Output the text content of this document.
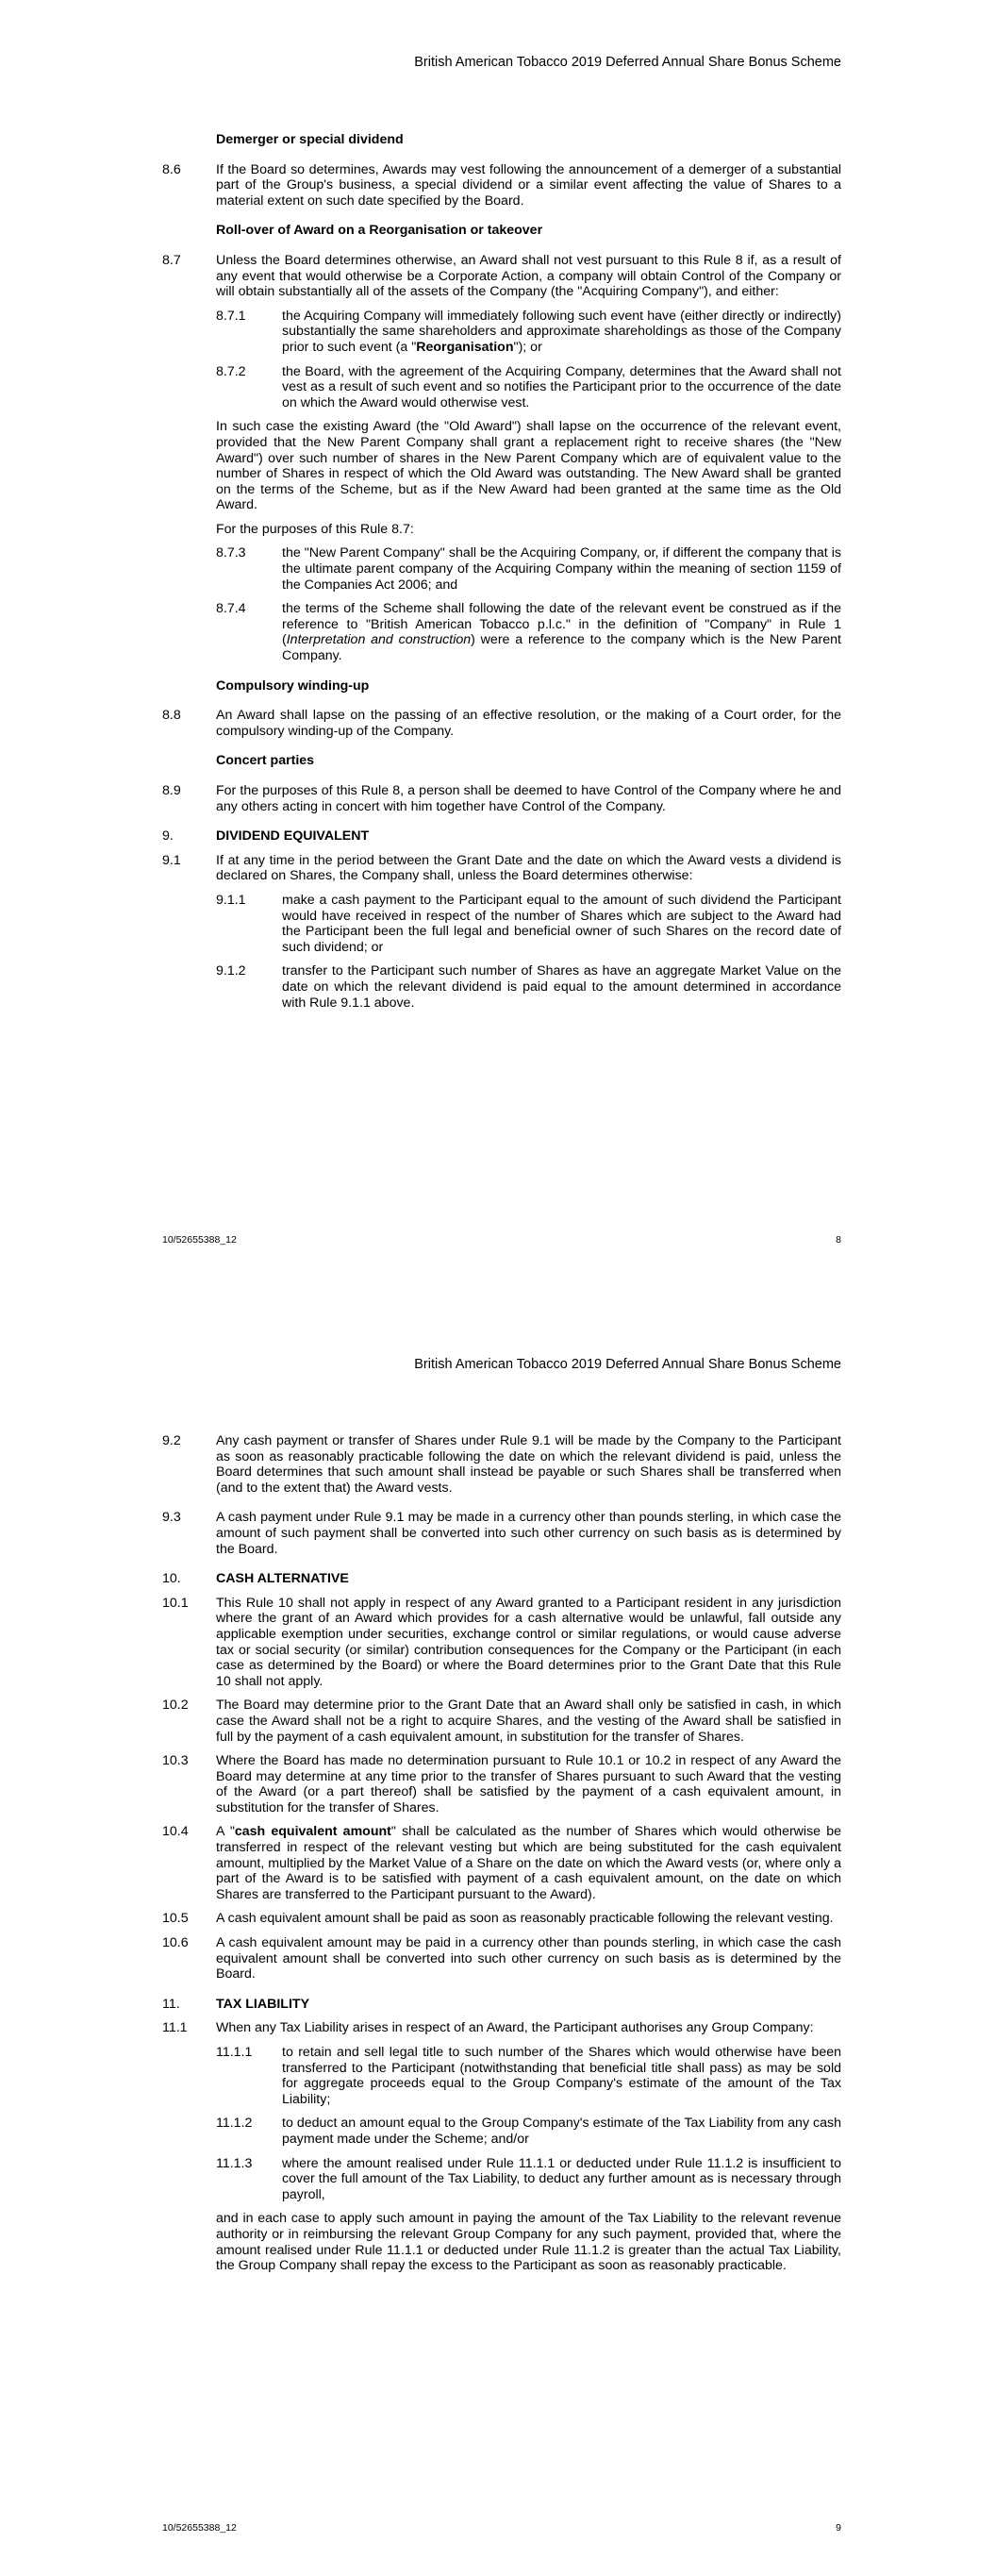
British American Tobacco 2019 Deferred Annual Share Bonus Scheme
Demerger or special dividend
8.6	If the Board so determines, Awards may vest following the announcement of a demerger of a substantial part of the Group's business, a special dividend or a similar event affecting the value of Shares to a material extent on such date specified by the Board.
Roll-over of Award on a Reorganisation or takeover
8.7	Unless the Board determines otherwise, an Award shall not vest pursuant to this Rule 8 if, as a result of any event that would otherwise be a Corporate Action, a company will obtain Control of the Company or will obtain substantially all of the assets of the Company (the "Acquiring Company"), and either:
8.7.1	the Acquiring Company will immediately following such event have (either directly or indirectly) substantially the same shareholders and approximate shareholdings as those of the Company prior to such event (a "Reorganisation"); or
8.7.2	the Board, with the agreement of the Acquiring Company, determines that the Award shall not vest as a result of such event and so notifies the Participant prior to the occurrence of the date on which the Award would otherwise vest.
In such case the existing Award (the "Old Award") shall lapse on the occurrence of the relevant event, provided that the New Parent Company shall grant a replacement right to receive shares (the "New Award") over such number of shares in the New Parent Company which are of equivalent value to the number of Shares in respect of which the Old Award was outstanding. The New Award shall be granted on the terms of the Scheme, but as if the New Award had been granted at the same time as the Old Award.
For the purposes of this Rule 8.7:
8.7.3	the "New Parent Company" shall be the Acquiring Company, or, if different the company that is the ultimate parent company of the Acquiring Company within the meaning of section 1159 of the Companies Act 2006; and
8.7.4	the terms of the Scheme shall following the date of the relevant event be construed as if the reference to "British American Tobacco p.l.c." in the definition of "Company" in Rule 1 (Interpretation and construction) were a reference to the company which is the New Parent Company.
Compulsory winding-up
8.8	An Award shall lapse on the passing of an effective resolution, or the making of a Court order, for the compulsory winding-up of the Company.
Concert parties
8.9	For the purposes of this Rule 8, a person shall be deemed to have Control of the Company where he and any others acting in concert with him together have Control of the Company.
9.	DIVIDEND EQUIVALENT
9.1	If at any time in the period between the Grant Date and the date on which the Award vests a dividend is declared on Shares, the Company shall, unless the Board determines otherwise:
9.1.1	make a cash payment to the Participant equal to the amount of such dividend the Participant would have received in respect of the number of Shares which are subject to the Award had the Participant been the full legal and beneficial owner of such Shares on the record date of such dividend; or
9.1.2	transfer to the Participant such number of Shares as have an aggregate Market Value on the date on which the relevant dividend is paid equal to the amount determined in accordance with Rule 9.1.1 above.
10/52655388_12	8
British American Tobacco 2019 Deferred Annual Share Bonus Scheme
9.2	Any cash payment or transfer of Shares under Rule 9.1 will be made by the Company to the Participant as soon as reasonably practicable following the date on which the relevant dividend is paid, unless the Board determines that such amount shall instead be payable or such Shares shall be transferred when (and to the extent that) the Award vests.
9.3	A cash payment under Rule 9.1 may be made in a currency other than pounds sterling, in which case the amount of such payment shall be converted into such other currency on such basis as is determined by the Board.
10.	CASH ALTERNATIVE
10.1	This Rule 10 shall not apply in respect of any Award granted to a Participant resident in any jurisdiction where the grant of an Award which provides for a cash alternative would be unlawful, fall outside any applicable exemption under securities, exchange control or similar regulations, or would cause adverse tax or social security (or similar) contribution consequences for the Company or the Participant (in each case as determined by the Board) or where the Board determines prior to the Grant Date that this Rule 10 shall not apply.
10.2	The Board may determine prior to the Grant Date that an Award shall only be satisfied in cash, in which case the Award shall not be a right to acquire Shares, and the vesting of the Award shall be satisfied in full by the payment of a cash equivalent amount, in substitution for the transfer of Shares.
10.3	Where the Board has made no determination pursuant to Rule 10.1 or 10.2 in respect of any Award the Board may determine at any time prior to the transfer of Shares pursuant to such Award that the vesting of the Award (or a part thereof) shall be satisfied by the payment of a cash equivalent amount, in substitution for the transfer of Shares.
10.4	A "cash equivalent amount" shall be calculated as the number of Shares which would otherwise be transferred in respect of the relevant vesting but which are being substituted for the cash equivalent amount, multiplied by the Market Value of a Share on the date on which the Award vests (or, where only a part of the Award is to be satisfied with payment of a cash equivalent amount, on the date on which Shares are transferred to the Participant pursuant to the Award).
10.5	A cash equivalent amount shall be paid as soon as reasonably practicable following the relevant vesting.
10.6	A cash equivalent amount may be paid in a currency other than pounds sterling, in which case the cash equivalent amount shall be converted into such other currency on such basis as is determined by the Board.
11.	TAX LIABILITY
11.1	When any Tax Liability arises in respect of an Award, the Participant authorises any Group Company:
11.1.1	to retain and sell legal title to such number of the Shares which would otherwise have been transferred to the Participant (notwithstanding that beneficial title shall pass) as may be sold for aggregate proceeds equal to the Group Company's estimate of the amount of the Tax Liability;
11.1.2	to deduct an amount equal to the Group Company's estimate of the Tax Liability from any cash payment made under the Scheme; and/or
11.1.3	where the amount realised under Rule 11.1.1 or deducted under Rule 11.1.2 is insufficient to cover the full amount of the Tax Liability, to deduct any further amount as is necessary through payroll,
and in each case to apply such amount in paying the amount of the Tax Liability to the relevant revenue authority or in reimbursing the relevant Group Company for any such payment, provided that, where the amount realised under Rule 11.1.1 or deducted under Rule 11.1.2 is greater than the actual Tax Liability, the Group Company shall repay the excess to the Participant as soon as reasonably practicable.
10/52655388_12	9
